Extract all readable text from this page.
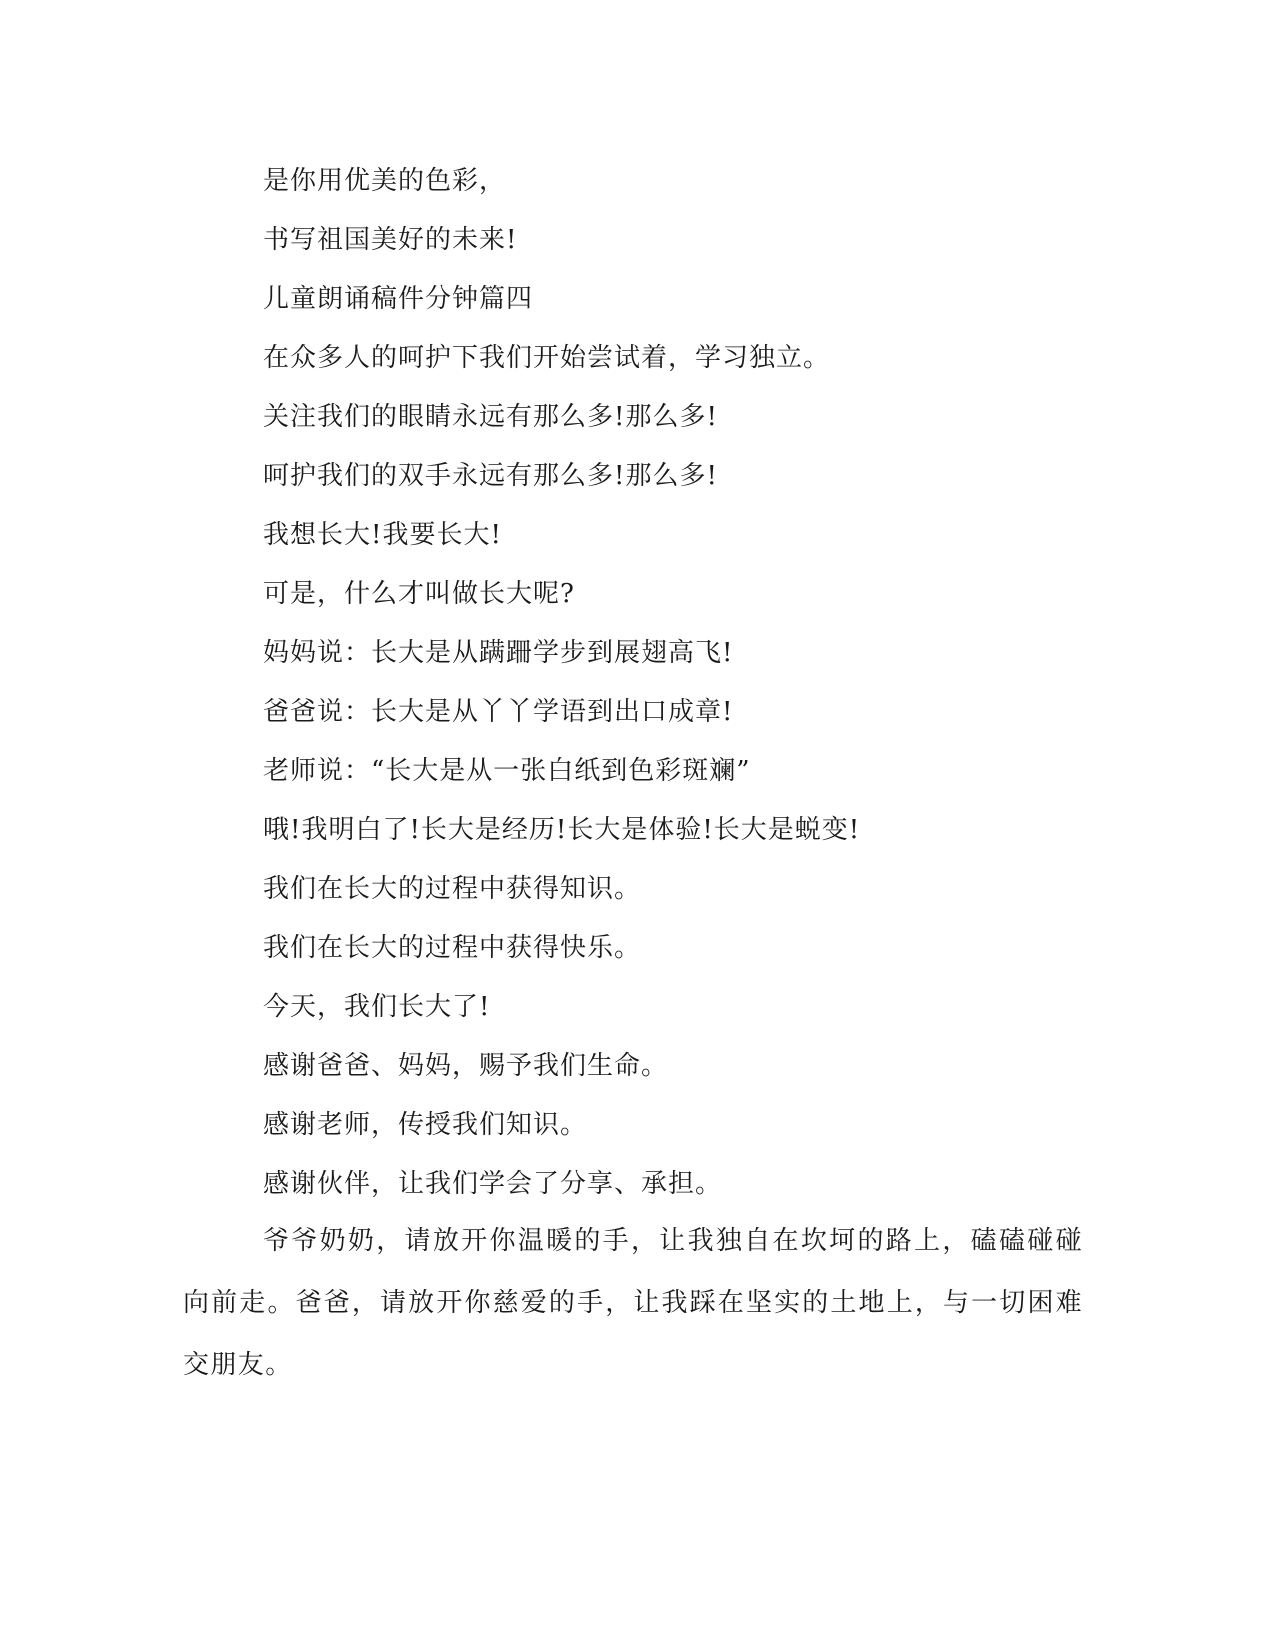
是你用优美的色彩，

书写祖国美好的未来!

儿童朗诵稿件分钟篇四

在众多人的呵护下我们开始尝试着，学习独立。

关注我们的眼睛永远有那么多!那么多!

呵护我们的双手永远有那么多!那么多!

我想长大!我要长大!

可是，什么才叫做长大呢?

妈妈说：长大是从蹒跚学步到展翅高飞!

爸爸说：长大是从丫丫学语到出口成章!

老师说：“长大是从一张白纸到色彩斑斓”

哦!我明白了!长大是经历!长大是体验!长大是蜕变!

我们在长大的过程中获得知识。

我们在长大的过程中获得快乐。

今天，我们长大了!

感谢爸爸、妈妈，赐予我们生命。

感谢老师，传授我们知识。

感谢伙伴，让我们学会了分享、承担。

爷爷奶奶，请放开你温暖的手，让我独自在坎坷的路上，磕磕碰碰向前走。爸爸，请放开你慈爱的手，让我踩在坚实的土地上，与一切困难交朋友。
